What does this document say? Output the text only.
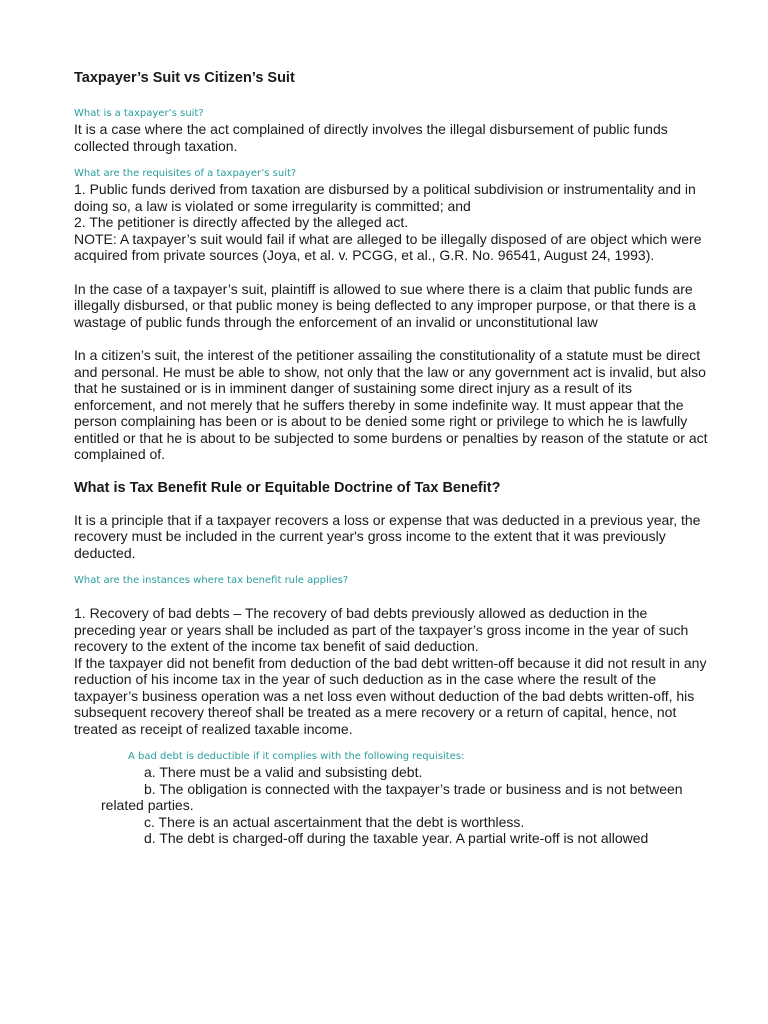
Taxpayer’s Suit vs Citizen’s Suit

What is a taxpayer’s suit?

It is a case where the act complained of directly involves the illegal disbursement of public funds collected through taxation.

What are the requisites of a taxpayer’s suit?

1. Public funds derived from taxation are disbursed by a political subdivision or instrumentality and in doing so, a law is violated or some irregularity is committed; and

2. The petitioner is directly affected by the alleged act.

NOTE: A taxpayer’s suit would fail if what are alleged to be illegally disposed of are object which were acquired from private sources (Joya, et al. v. PCGG, et al., G.R. No. 96541, August 24, 1993).

In the case of a taxpayer’s suit, plaintiff is allowed to sue where there is a claim that public funds are illegally disbursed, or that public money is being deflected to any improper purpose, or that there is a wastage of public funds through the enforcement of an invalid or unconstitutional law

In a citizen’s suit, the interest of the petitioner assailing the constitutionality of a statute must be direct and personal. He must be able to show, not only that the law or any government act is invalid, but also that he sustained or is in imminent danger of sustaining some direct injury as a result of its enforcement, and not merely that he suffers thereby in some indefinite way. It must appear that the person complaining has been or is about to be denied some right or privilege to which he is lawfully entitled or that he is about to be subjected to some burdens or penalties by reason of the statute or act complained of.

What is Tax Benefit Rule or Equitable Doctrine of Tax Benefit?

It is a principle that if a taxpayer recovers a loss or expense that was deducted in a previous year, the recovery must be included in the current year's gross income to the extent that it was previously deducted.

What are the instances where tax benefit rule applies?

1. Recovery of bad debts – The recovery of bad debts previously allowed as deduction in the preceding year or years shall be included as part of the taxpayer’s gross income in the year of such recovery to the extent of the income tax benefit of said deduction.

If the taxpayer did not benefit from deduction of the bad debt written-off because it did not result in any reduction of his income tax in the year of such deduction as in the case where the result of the taxpayer’s business operation was a net loss even without deduction of the bad debts written-off, his subsequent recovery thereof shall be treated as a mere recovery or a return of capital, hence, not treated as receipt of realized taxable income.

A bad debt is deductible if it complies with the following requisites:

a. There must be a valid and subsisting debt.

b. The obligation is connected with the taxpayer’s trade or business and is not between related parties.

c. There is an actual ascertainment that the debt is worthless.

d. The debt is charged-off during the taxable year. A partial write-off is not allowed
